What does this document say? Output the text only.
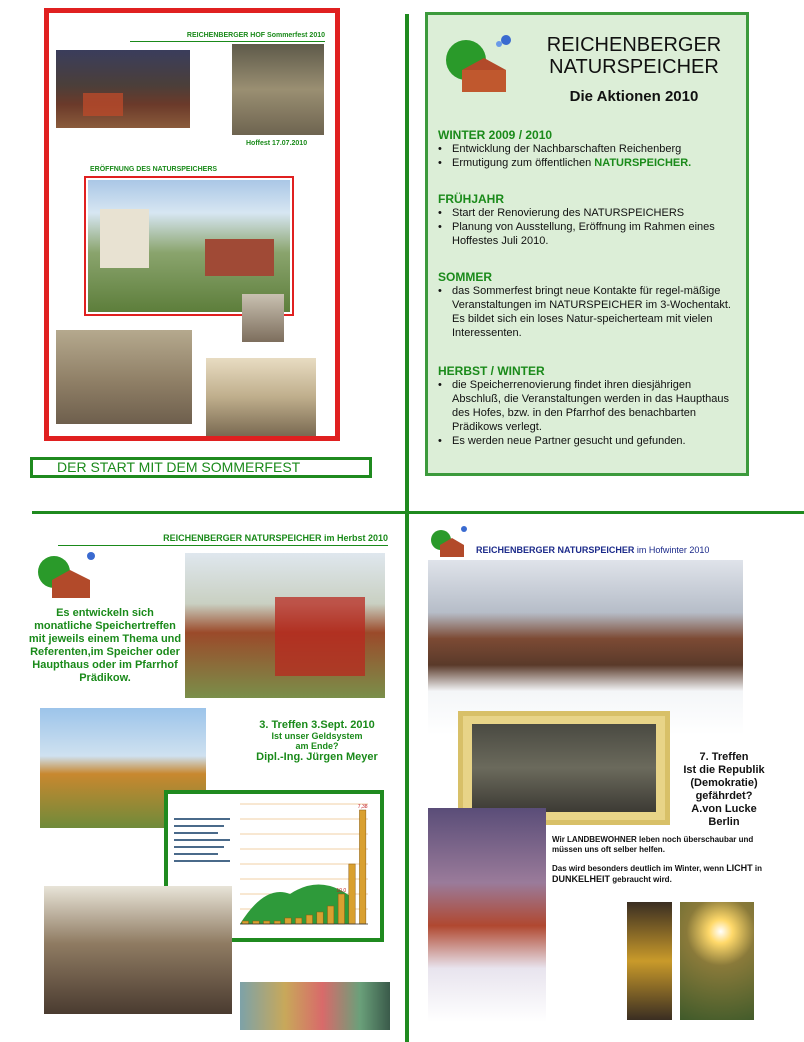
REICHENBERGER HOF Sommerfest 2010
Hoffest 17.07.2010
ERÖFFNUNG DES NATURSPEICHERS
DER START MIT DEM SOMMERFEST
REICHENBERGER
NATURSPEICHER
Die Aktionen 2010
WINTER 2009 / 2010
• Entwicklung der Nachbarschaften Reichenberg
• Ermutigung zum öffentlichen NATURSPEICHER.
FRÜHJAHR
• Start der Renovierung des NATURSPEICHERS
• Planung von Ausstellung, Eröffnung im Rahmen eines Hoffestes Juli 2010.
SOMMER
• das Sommerfest bringt neue Kontakte für regel-mäßige Veranstaltungen im NATURSPEICHER im 3-Wochentakt. Es bildet sich ein loses Natur-speicherteam mit vielen Interessenten.
HERBST / WINTER
• die Speicherrenovierung findet ihren diesjährigen Abschluß, die Veranstaltungen werden in das Haupthaus des Hofes, bzw. in den Pfarrhof des benachbarten Prädikows verlegt.
• Es werden neue Partner gesucht und gefunden.
REICHENBERGER NATURSPEICHER im Herbst 2010
Es entwickeln sich monatliche Speichertreffen mit jeweils einem Thema und Referenten,im Speicher oder Haupthaus oder im Pfarrhof Prädikow.
3. Treffen 3.Sept. 2010
Ist unser Geldsystem
am Ende?
Dipl.-Ing. Jürgen Meyer
10,0
7,38
REICHENBERGER NATURSPEICHER im Hofwinter 2010
7. Treffen
Ist die Republik
(Demokratie)
gefährdet?
A.von Lucke
Berlin
Wir LANDBEWOHNER leben noch überschaubar und müssen uns oft selber helfen.
Das wird besonders deutlich im Winter, wenn LICHT in DUNKELHEIT gebraucht wird.
